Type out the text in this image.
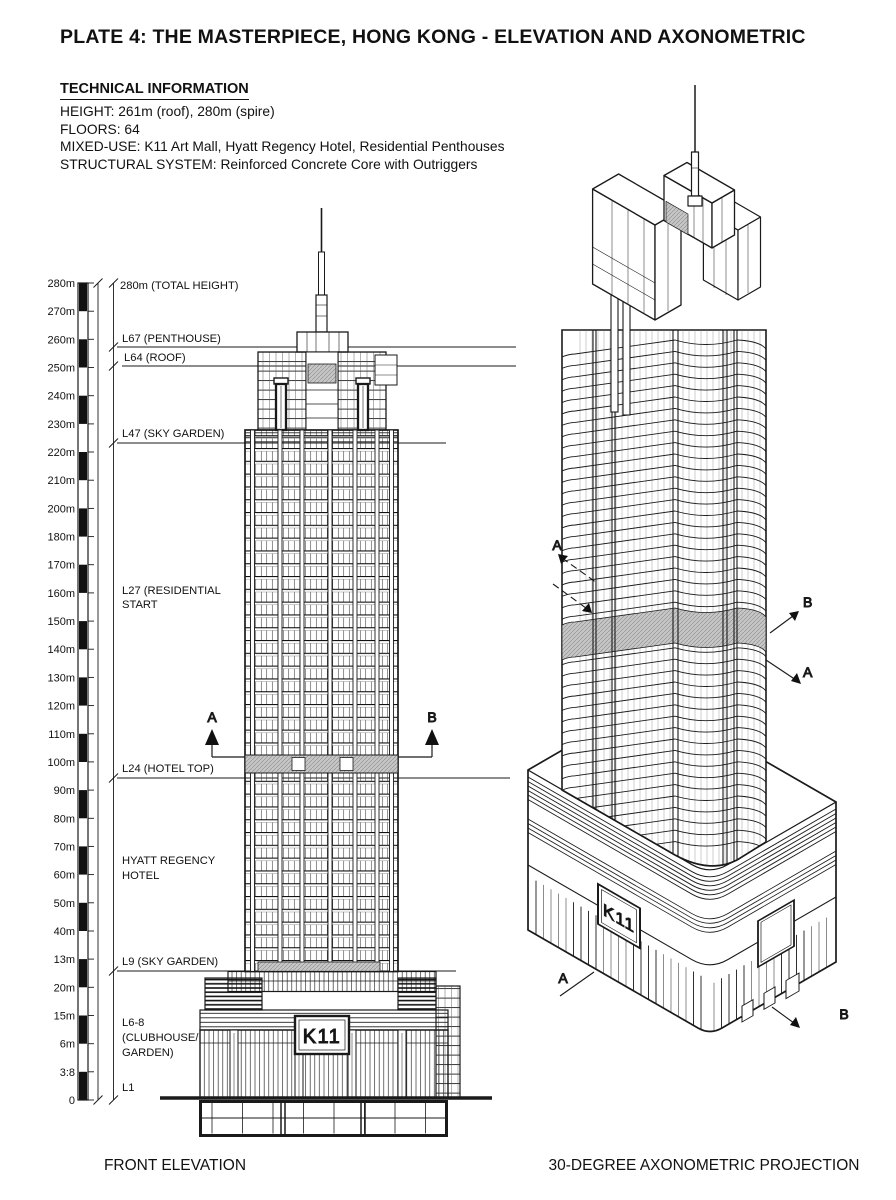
PLATE 4: THE MASTERPIECE, HONG KONG - ELEVATION AND AXONOMETRIC
TECHNICAL INFORMATION
HEIGHT: 261m (roof), 280m (spire)
FLOORS: 64
MIXED-USE: K11 Art Mall, Hyatt Regency Hotel, Residential Penthouses
STRUCTURAL SYSTEM: Reinforced Concrete Core with Outriggers
280m
270m
260m
250m
240m
230m
220m
210m
200m
180m
170m
160m
150m
140m
130m
120m
110m
100m
90m
80m
70m
60m
50m
40m
13m
20m
15m
6m
3:8
0
280m (TOTAL HEIGHT)
L67 (PENTHOUSE)
L64 (ROOF)
L47 (SKY GARDEN)
L27 (RESIDENTIAL
START
L24 (HOTEL TOP)
HYATT REGENCY
HOTEL
L9 (SKY GARDEN)
L6-8
(CLUBHOUSE/
GARDEN)
L1
A	B
K11
K11
A
B
A
A
B
FRONT ELEVATION	30-DEGREE AXONOMETRIC PROJECTION
